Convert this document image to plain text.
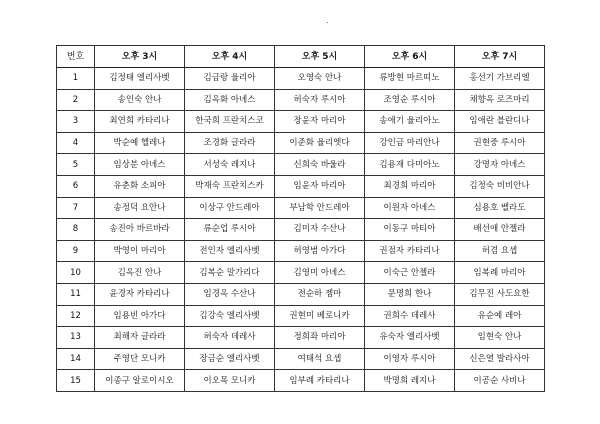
번호	오후 3시	오후 4시	오후 5시	오후 6시	오후 7시
1	김정태 엘리사벳	김금랑 율리아	오영숙 안나	류방현 마르띠노	홍선기 가브리엘
2	송인숙 안나	김옥화 아녜스	허숙자 루시아	조영순 루시아	채향옥 로즈마리
3	최연희 카타리나	한국희 프란치스코	장윤자 마리아	송애기 율리아노	임애란 블란디나
4	박순예 헬레나	조경화 글라라	이준화 율리엣다	강인금 마리안나	권현중 루시아
5	임상분 아녜스	서성숙 레지나	신희숙 바울라	김용재 다미아노	강명자 아녜스
6	유춘화 소피아	박재숙 프란치스카	임윤자 마리아	최경희 마리아	김정숙 비비안나
7	송정덕 요안나	이상구 안드레아	부남학 안드레아	이원자 아녜스	심용호 벨라도
8	송진아 바르바라	류순업 루시아	김미자 수산나	이동구 마티아	배선애 안젤라
9	박영이 마리아	전인자 엘리사벳	허영범 아가다	권점자 카타리나	허겸 요셉
10	김옥진 안나	김복순 말가리다	김영미 아녜스	이숙근 안젤라	임복례 마리아
11	윤경자 카타리나	임경옥 수산나	전순하 젬마	문명희 한나	김무진 사도요한
12	임용빈 아가다	김강숙 엘리사벳	권현미 베로니카	권희수 데레사	유순예 레아
13	최해자 글라라	허숙자 데레사	정희좌 마리아	유숙자 엘리사벳	임현숙 안나
14	주영단 모니카	장금순 엘리사벳	여태석 요셉	이영자 루시아	신은열 발라사아
15	이종구 알로이시오	이오목 모니카	임부례 카타리나	박명희 레지나	이공순 사비나
